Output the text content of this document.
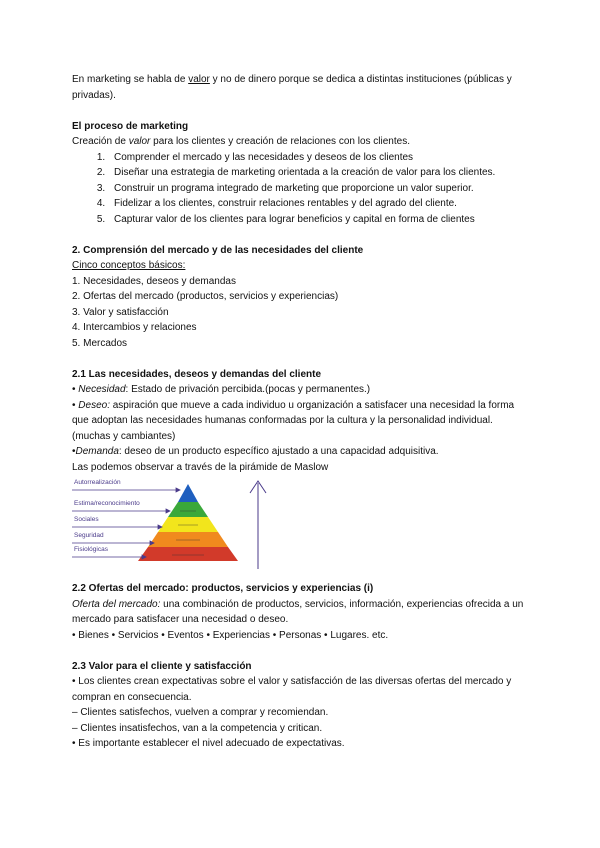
En marketing se habla de valor y no de dinero porque se dedica a distintas instituciones (públicas y privadas).

El proceso de marketing

Creación de valor para los clientes y creación de relaciones con los clientes.

1. Comprender el mercado y las necesidades y deseos de los clientes
2. Diseñar una estrategia de marketing orientada a la creación de valor para los clientes.
3. Construir un programa integrado de marketing que proporcione un valor superior.
4. Fidelizar a los clientes, construir relaciones rentables y del agrado del cliente.
5. Capturar valor de los clientes para lograr beneficios y capital en forma de clientes

2. Comprensión del mercado y de las necesidades del cliente

Cinco conceptos básicos:

1. Necesidades, deseos y demandas

2. Ofertas del mercado (productos, servicios y experiencias)

3. Valor y satisfacción

4. Intercambios y relaciones

5. Mercados

2.1 Las necesidades, deseos y demandas del cliente

• Necesidad: Estado de privación percibida.(pocas y permanentes.)

• Deseo: aspiración que mueve a cada individuo u organización a satisfacer una necesidad la forma que adoptan las necesidades humanas conformadas por la cultura y la personalidad individual. (muchas y cambiantes)

•Demanda: deseo de un producto específico ajustado a una capacidad adquisitiva.

Las podemos observar a través de la pirámide de Maslow

Autorrealización
Estima/reconocimiento
Sociales
Seguridad
Fisiológicas

2.2 Ofertas del mercado: productos, servicios y experiencias (i)

Oferta del mercado: una combinación de productos, servicios, información, experiencias ofrecida a un mercado para satisfacer una necesidad o deseo.

• Bienes • Servicios • Eventos • Experiencias • Personas • Lugares. etc.

2.3 Valor para el cliente y satisfacción

• Los clientes crean expectativas sobre el valor y satisfacción de las diversas ofertas del mercado y compran en consecuencia.

– Clientes satisfechos, vuelven a comprar y recomiendan.

– Clientes insatisfechos, van a la competencia y critican.

• Es importante establecer el nivel adecuado de expectativas.
